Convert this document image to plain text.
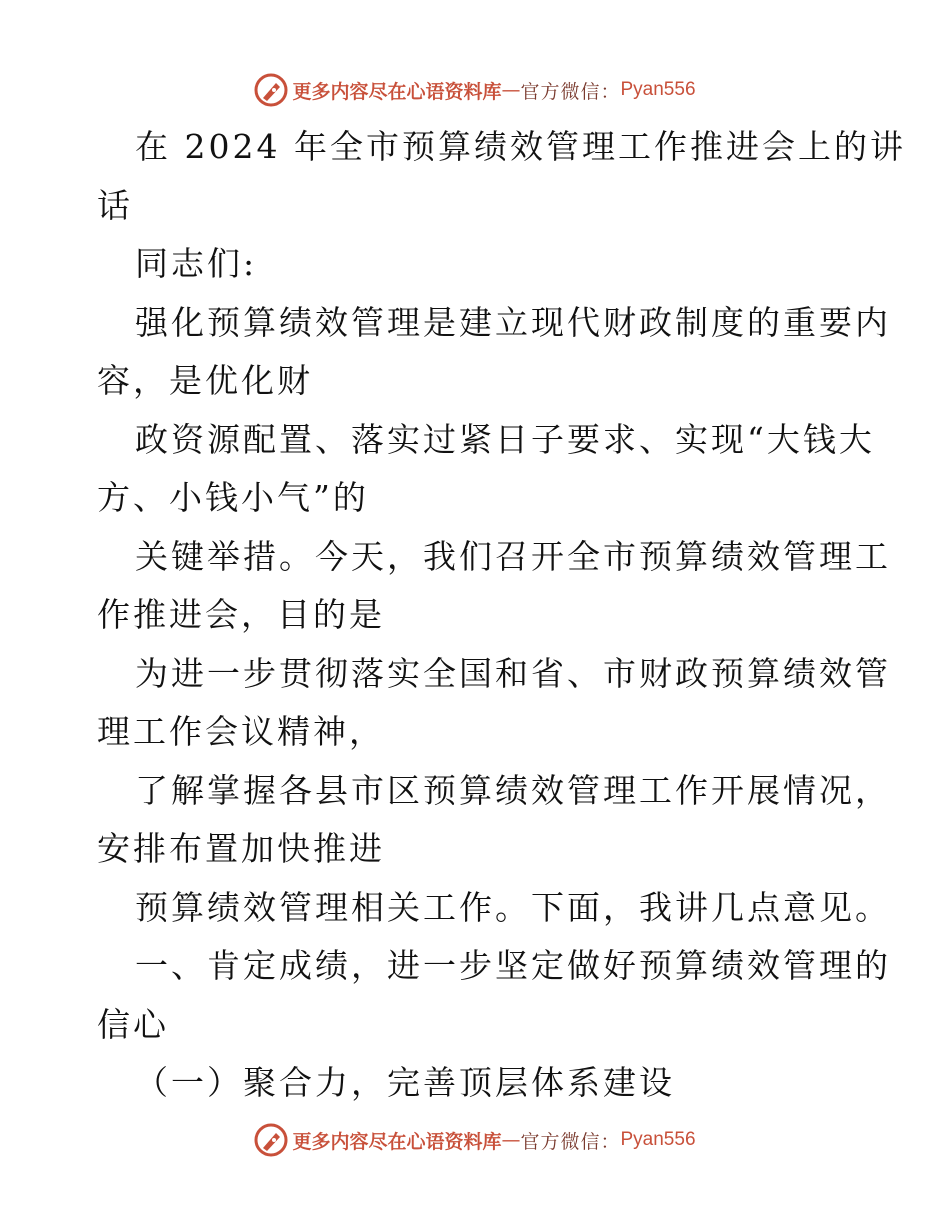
更多内容尽在心语资料库 — 官方微信： Pyan556
在 2024 年全市预算绩效管理工作推进会上的讲
话
同志们:
强化预算绩效管理是建立现代财政制度的重要内
容，是优化财
政资源配置、落实过紧日子要求、实现“大钱大
方、小钱小气”的
关键举措。今天，我们召开全市预算绩效管理工
作推进会，目的是
为进一步贯彻落实全国和省、市财政预算绩效管
理工作会议精神，
了解掌握各县市区预算绩效管理工作开展情况，
安排布置加快推进
预算绩效管理相关工作。下面，我讲几点意见。
一、肯定成绩，进一步坚定做好预算绩效管理的
信心
（一）聚合力，完善顶层体系建设
更多内容尽在心语资料库 — 官方微信： Pyan556
